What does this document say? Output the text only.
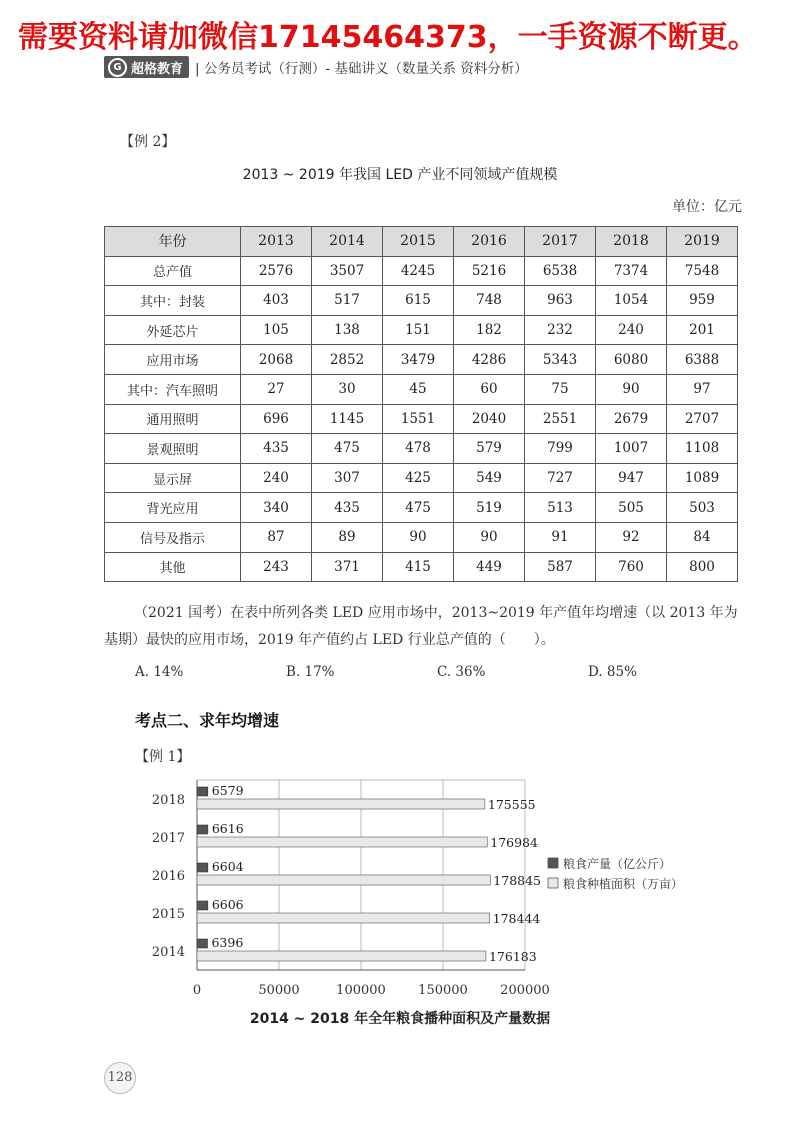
需要资料请加微信17145464373，一手资源不断更。
G 超格教育 | 公务员考试（行测）- 基础讲义（数量关系 资料分析）
【例 2】
2013 ~ 2019 年我国 LED 产业不同领域产值规模
单位：亿元
年份	2013	2014	2015	2016	2017	2018	2019
总产值	2576	3507	4245	5216	6538	7374	7548
其中：封装	403	517	615	748	963	1054	959
外延芯片	105	138	151	182	232	240	201
应用市场	2068	2852	3479	4286	5343	6080	6388
其中：汽车照明	27	30	45	60	75	90	97
通用照明	696	1145	1551	2040	2551	2679	2707
景观照明	435	475	478	579	799	1007	1108
显示屏	240	307	425	549	727	947	1089
背光应用	340	435	475	519	513	505	503
信号及指示	87	89	90	90	91	92	84
其他	243	371	415	449	587	760	800
（2021 国考）在表中所列各类 LED 应用市场中，2013~2019 年产值年均增速（以 2013 年为基期）最快的应用市场，2019 年产值约占 LED 行业总产值的（　　）。
A. 14%	B. 17%	C. 36%	D. 85%
考点二、求年均增速
【例 1】
0	50000	100000 150000 200000
2018
6579
175555
2017
6616
176984
2016
6604
178845
2015
6606
178444
2014
6396
176183
粮食产量（亿公斤）
粮食种植面积（万亩）
2014 ~ 2018 年全年粮食播种面积及产量数据
128
